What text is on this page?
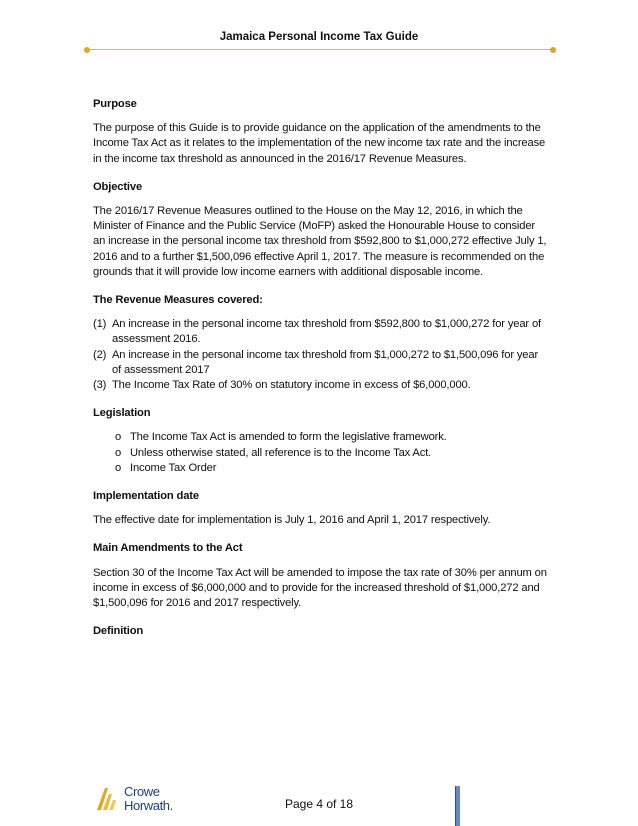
Jamaica Personal Income Tax Guide
Purpose

The purpose of this Guide is to provide guidance on the application of the amendments to the Income Tax Act as it relates to the implementation of the new income tax rate and the increase in the income tax threshold as announced in the 2016/17 Revenue Measures.

Objective

The 2016/17 Revenue Measures outlined to the House on the May 12, 2016, in which the Minister of Finance and the Public Service (MoFP) asked the Honourable House to consider an increase in the personal income tax threshold from $592,800 to $1,000,272 effective July 1, 2016 and to a further $1,500,096 effective April 1, 2017. The measure is recommended on the grounds that it will provide low income earners with additional disposable income.

The Revenue Measures covered:
(1) An increase in the personal income tax threshold from $592,800 to $1,000,272 for year of assessment 2016.
(2) An increase in the personal income tax threshold from $1,000,272 to $1,500,096 for year of assessment 2017
(3) The Income Tax Rate of 30% on statutory income in excess of $6,000,000.
Legislation
o The Income Tax Act is amended to form the legislative framework.
o Unless otherwise stated, all reference is to the Income Tax Act.
o Income Tax Order
Implementation date

The effective date for implementation is July 1, 2016 and April 1, 2017 respectively.

Main Amendments to the Act

Section 30 of the Income Tax Act will be amended to impose the tax rate of 30% per annum on income in excess of $6,000,000 and to provide for the increased threshold of $1,000,272 and $1,500,096 for 2016 and 2017 respectively.

Definition
Crowe
Horwath.	Page 4 of 18
